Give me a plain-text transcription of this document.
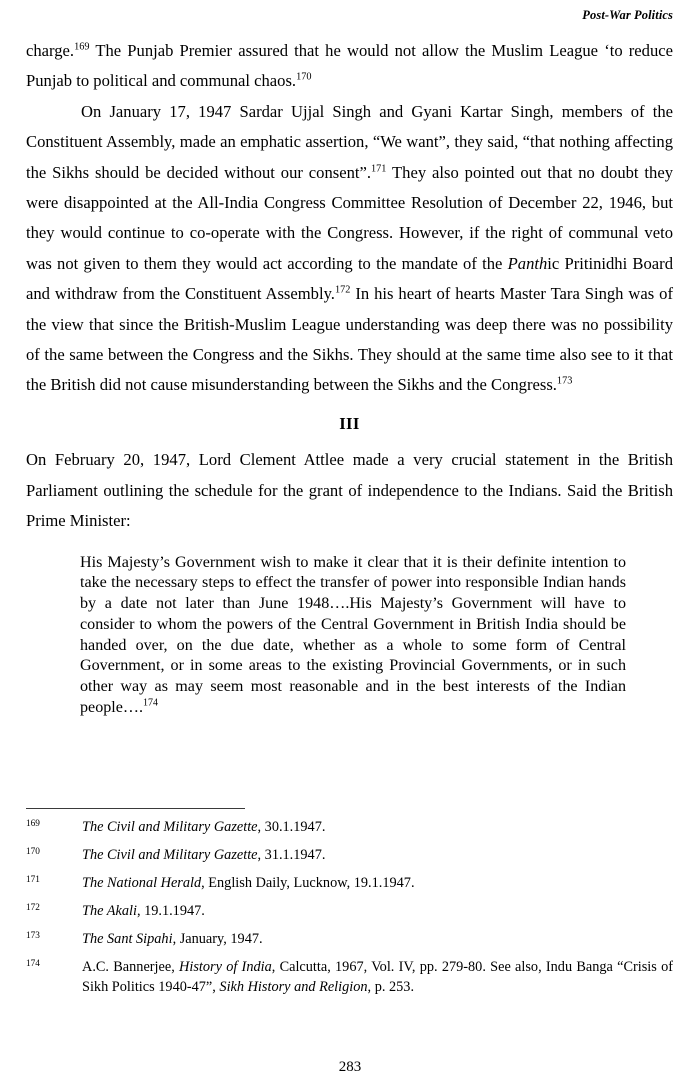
Post-War Politics

charge.$^{169}$ The Punjab Premier assured that he would not allow the Muslim League ‘to reduce Punjab to political and communal chaos.$^{170}$

On January 17, 1947 Sardar Ujjal Singh and Gyani Kartar Singh, members of the Constituent Assembly, made an emphatic assertion, “We want”, they said, “that nothing affecting the Sikhs should be decided without our consent”.$^{171}$ They also pointed out that no doubt they were disappointed at the All-India Congress Committee Resolution of December 22, 1946, but they would continue to co-operate with the Congress. However, if the right of communal veto was not given to them they would act according to the mandate of the Panthic Pritinidhi Board and withdraw from the Constituent Assembly.$^{172}$ In his heart of hearts Master Tara Singh was of the view that since the British-Muslim League understanding was deep there was no possibility of the same between the Congress and the Sikhs. They should at the same time also see to it that the British did not cause misunderstanding between the Sikhs and the Congress.$^{173}$

III

On February 20, 1947, Lord Clement Attlee made a very crucial statement in the British Parliament outlining the schedule for the grant of independence to the Indians. Said the British Prime Minister:

His Majesty’s Government wish to make it clear that it is their definite intention to take the necessary steps to effect the transfer of power into responsible Indian hands by a date not later than June 1948….His Majesty’s Government will have to consider to whom the powers of the Central Government in British India should be handed over, on the due date, whether as a whole to some form of Central Government, or in some areas to the existing Provincial Governments, or in such other way as may seem most reasonable and in the best interests of the Indian people….$^{174}$

169	The Civil and Military Gazette, 30.1.1947.
170	The Civil and Military Gazette, 31.1.1947.
171	The National Herald, English Daily, Lucknow, 19.1.1947.
172	The Akali, 19.1.1947.
173	The Sant Sipahi, January, 1947.
174	A.C. Bannerjee, History of India, Calcutta, 1967, Vol. IV, pp. 279-80. See also, Indu Banga “Crisis of Sikh Politics 1940-47”, Sikh History and Religion, p. 253.
283
